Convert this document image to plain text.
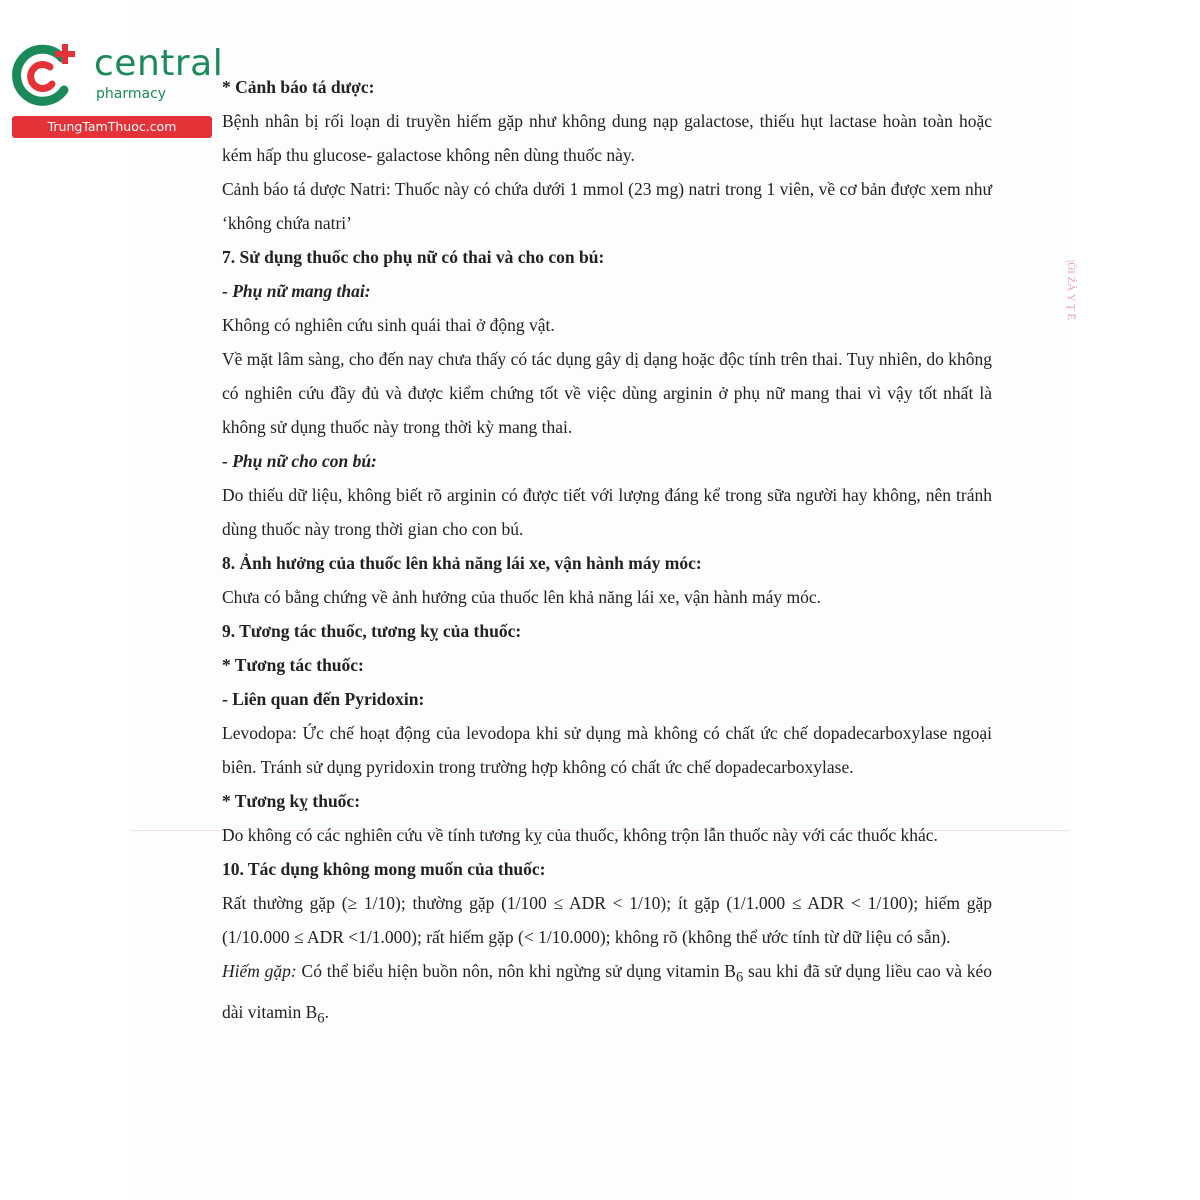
central
pharmacy
TrungTamThuoc.com
|ŌI ŹÀ Y Ţ Ē

* Cảnh báo tá dược:

Bệnh nhân bị rối loạn di truyền hiếm gặp như không dung nạp galactose, thiếu hụt lactase hoàn toàn hoặc kém hấp thu glucose- galactose không nên dùng thuốc này.

Cảnh báo tá dược Natri: Thuốc này có chứa dưới 1 mmol (23 mg) natri trong 1 viên, về cơ bản được xem như ‘không chứa natri’

7. Sử dụng thuốc cho phụ nữ có thai và cho con bú:

- Phụ nữ mang thai:

Không có nghiên cứu sinh quái thai ở động vật.

Về mặt lâm sàng, cho đến nay chưa thấy có tác dụng gây dị dạng hoặc độc tính trên thai. Tuy nhiên, do không có nghiên cứu đầy đủ và được kiểm chứng tốt về việc dùng arginin ở phụ nữ mang thai vì vậy tốt nhất là không sử dụng thuốc này trong thời kỳ mang thai.

- Phụ nữ cho con bú:

Do thiếu dữ liệu, không biết rõ arginin có được tiết với lượng đáng kể trong sữa người hay không, nên tránh dùng thuốc này trong thời gian cho con bú.

8. Ảnh hưởng của thuốc lên khả năng lái xe, vận hành máy móc:

Chưa có bằng chứng về ảnh hưởng của thuốc lên khả năng lái xe, vận hành máy móc.

9. Tương tác thuốc, tương kỵ của thuốc:

* Tương tác thuốc:

- Liên quan đến Pyridoxin:

Levodopa: Ức chế hoạt động của levodopa khi sử dụng mà không có chất ức chế dopadecarboxylase ngoại biên. Tránh sử dụng pyridoxin trong trường hợp không có chất ức chế dopadecarboxylase.

* Tương kỵ thuốc:

Do không có các nghiên cứu về tính tương kỵ của thuốc, không trộn lẫn thuốc này với các thuốc khác.

10. Tác dụng không mong muốn của thuốc:

Rất thường gặp (≥ 1/10); thường gặp (1/100 ≤ ADR < 1/10); ít gặp (1/1.000 ≤ ADR < 1/100); hiếm gặp (1/10.000 ≤ ADR <1/1.000); rất hiếm gặp (< 1/10.000); không rõ (không thể ước tính từ dữ liệu có sẵn).

Hiếm gặp: Có thể biểu hiện buồn nôn, nôn khi ngừng sử dụng vitamin $B_6$ sau khi đã sử dụng liều cao và kéo dài vitamin $B_6$.
